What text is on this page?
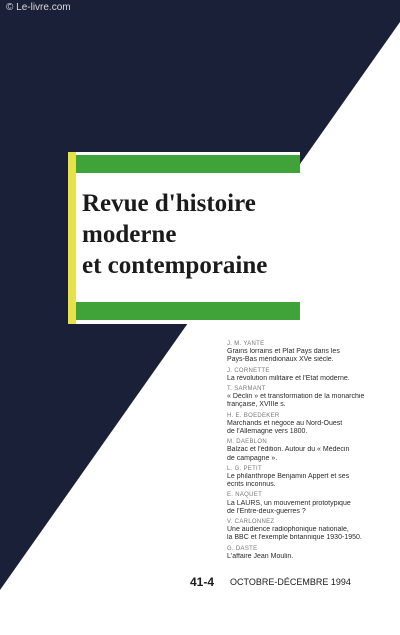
© Le-livre.com
Revue d'histoire
moderne
et contemporaine
J. M. YANTE
Grains lorrains et Plat Pays dans les
Pays-Bas méridionaux XVe siècle.
J. CORNETTE
La révolution militaire et l'État moderne.
T. SARMANT
« Déclin » et transformation de la monarchie
française, XVIIIe s.
H. E. BOEDEKER
Marchands et négoce au Nord-Ouest
de l'Allemagne vers 1800.
M. DAEBLON
Balzac et l'édition. Autour du « Médecin
de campagne ».
L. G. PETIT
Le philanthrope Benjamin Appert et ses
écrits inconnus.
E. NAQUET
La LAURS, un mouvement prototypique
de l'Entre-deux-guerres ?
V. CARLONNEZ
Une audience radiophonique nationale,
la BBC et l'exemple britannique 1930-1950.
G. DASTE
L'affaire Jean Moulin.
41-4 OCTOBRE-DÉCEMBRE 1994
